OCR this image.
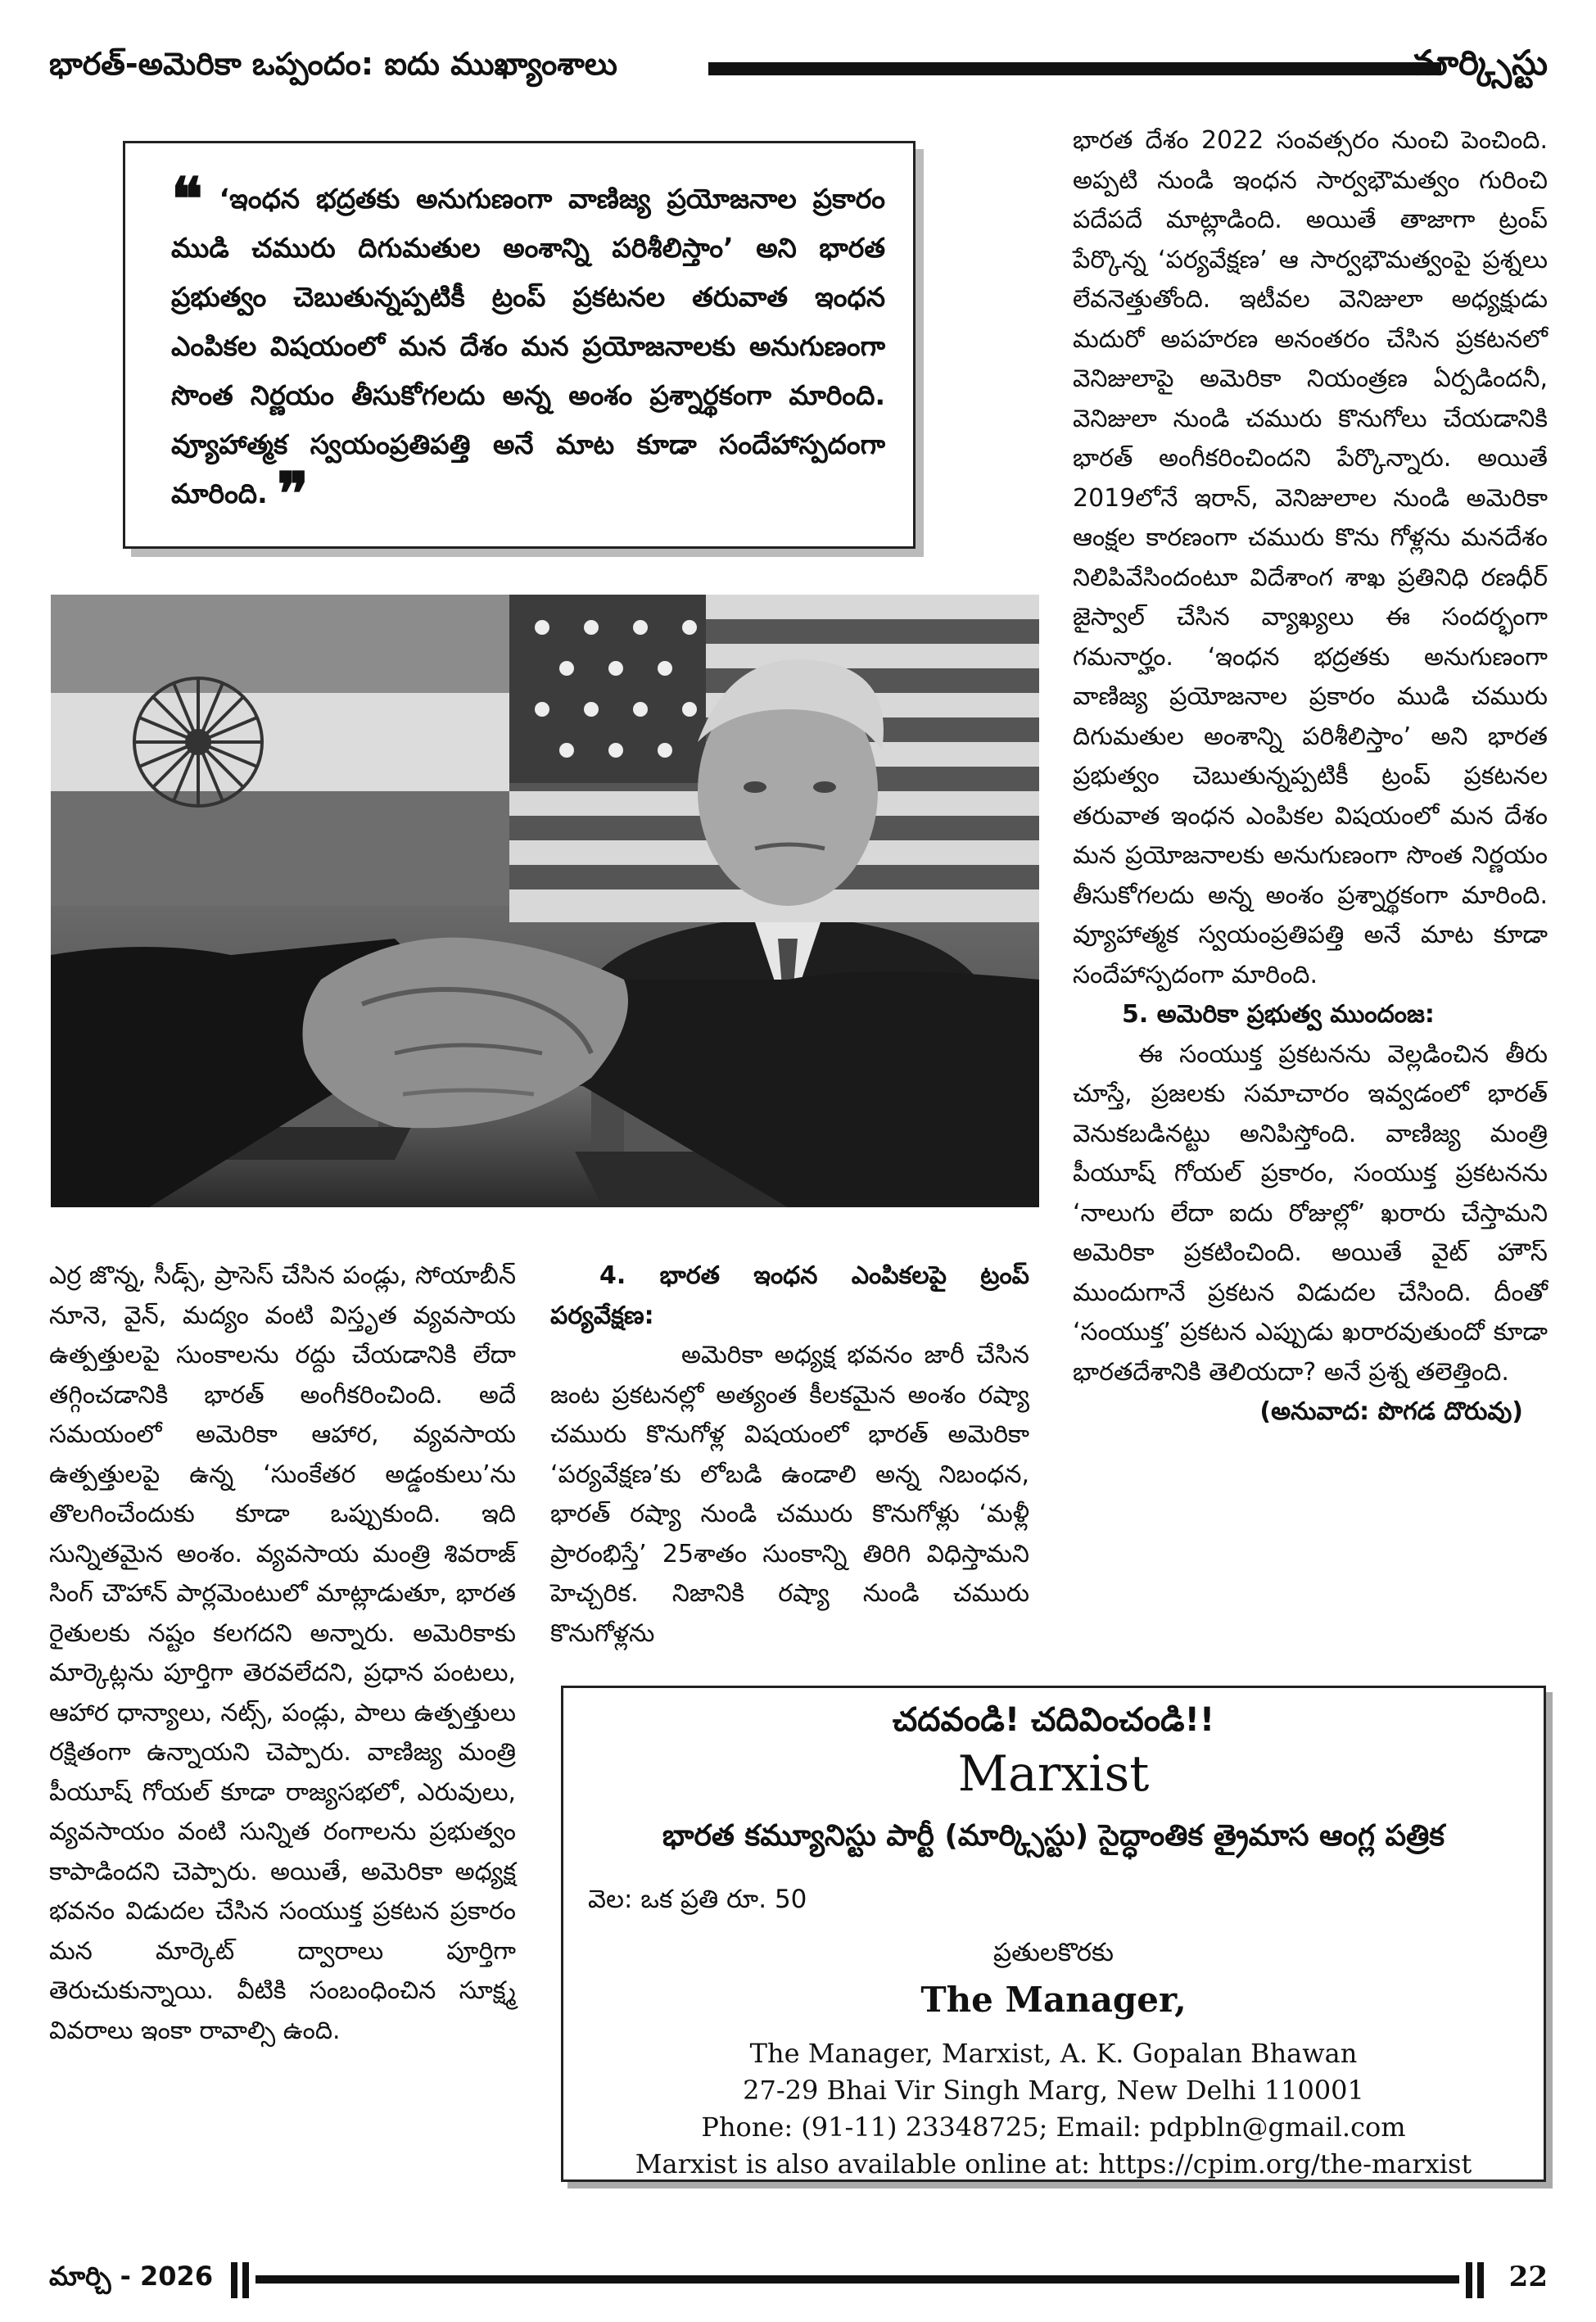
భారత్-అమెరికా ఒప్పందం: ఐదు ముఖ్యాంశాలు	మార్క్సిస్టు

❝ ‘ఇంధన భద్రతకు అనుగుణంగా వాణిజ్య ప్రయోజనాల ప్రకారం ముడి చమురు దిగుమతుల అంశాన్ని పరిశీలిస్తాం’ అని భారత ప్రభుత్వం చెబుతున్నప్పటికీ ట్రంప్ ప్రకటనల తరువాత ఇంధన ఎంపికల విషయంలో మన దేశం మన ప్రయోజనాలకు అనుగుణంగా సొంత నిర్ణయం తీసుకోగలదు అన్న అంశం ప్రశ్నార్థకంగా మారింది. వ్యూహాత్మక స్వయంప్రతిపత్తి అనే మాట కూడా సందేహాస్పదంగా మారింది. ❞

ఎర్ర జొన్న, సీడ్స్, ప్రాసెస్ చేసిన పండ్లు, సోయాబీన్ నూనె, వైన్, మద్యం వంటి విస్తృత వ్యవసాయ ఉత్పత్తులపై సుంకాలను రద్దు చేయడానికి లేదా తగ్గించడానికి భారత్ అంగీకరించింది. అదే సమయంలో అమెరికా ఆహార, వ్యవసాయ ఉత్పత్తులపై ఉన్న ‘సుంకేతర అడ్డంకులు’ను తొలగించేందుకు కూడా ఒప్పుకుంది. ఇది సున్నితమైన అంశం. వ్యవసాయ మంత్రి శివరాజ్ సింగ్ చౌహాన్ పార్లమెంటులో మాట్లాడుతూ, భారత రైతులకు నష్టం కలగదని అన్నారు. అమెరికాకు మార్కెట్లను పూర్తిగా తెరవలేదని, ప్రధాన పంటలు, ఆహార ధాన్యాలు, నట్స్, పండ్లు, పాలు ఉత్పత్తులు రక్షితంగా ఉన్నాయని చెప్పారు. వాణిజ్య మంత్రి పీయూష్ గోయల్ కూడా రాజ్యసభలో, ఎరువులు, వ్యవసాయం వంటి సున్నిత రంగాలను ప్రభుత్వం కాపాడిందని చెప్పారు. అయితే, అమెరికా అధ్యక్ష భవనం విడుదల చేసిన సంయుక్త ప్రకటన ప్రకారం మన మార్కెట్ ద్వారాలు పూర్తిగా తెరుచుకున్నాయి. వీటికి సంబంధించిన సూక్ష్మ వివరాలు ఇంకా రావాల్సి ఉంది.

4. భారత ఇంధన ఎంపికలపై ట్రంప్ పర్యవేక్షణ:

అమెరికా అధ్యక్ష భవనం జారీ చేసిన జంట ప్రకటనల్లో అత్యంత కీలకమైన అంశం రష్యా చమురు కొనుగోళ్ల విషయంలో భారత్ అమెరికా ‘పర్యవేక్షణ’కు లోబడి ఉండాలి అన్న నిబంధన, భారత్ రష్యా నుండి చమురు కొనుగోళ్లు ‘మళ్లీ ప్రారంభిస్తే’ 25శాతం సుంకాన్ని తిరిగి విధిస్తామని హెచ్చరిక. నిజానికి రష్యా నుండి చమురు కొనుగోళ్లను

భారత దేశం 2022 సంవత్సరం నుంచి పెంచింది. అప్పటి నుండి ఇంధన సార్వభౌమత్వం గురించి పదేపదే మాట్లాడింది. అయితే తాజాగా ట్రంప్ పేర్కొన్న ‘పర్యవేక్షణ’ ఆ సార్వభౌమత్వంపై ప్రశ్నలు లేవనెత్తుతోంది. ఇటీవల వెనిజులా అధ్యక్షుడు మదురో అపహరణ అనంతరం చేసిన ప్రకటనలో వెనిజులాపై అమెరికా నియంత్రణ ఏర్పడిందనీ, వెనిజులా నుండి చమురు కొనుగోలు చేయడానికి భారత్ అంగీకరించిందని పేర్కొన్నారు. అయితే 2019లోనే ఇరాన్, వెనిజులాల నుండి అమెరికా ఆంక్షల కారణంగా చమురు కొను గోళ్లను మనదేశం నిలిపివేసిందంటూ విదేశాంగ శాఖ ప్రతినిధి రణధీర్ జైస్వాల్ చేసిన వ్యాఖ్యలు ఈ సందర్భంగా గమనార్హం. ‘ఇంధన భద్రతకు అనుగుణంగా వాణిజ్య ప్రయోజనాల ప్రకారం ముడి చమురు దిగుమతుల అంశాన్ని పరిశీలిస్తాం’ అని భారత ప్రభుత్వం చెబుతున్నప్పటికీ ట్రంప్ ప్రకటనల తరువాత ఇంధన ఎంపికల విషయంలో మన దేశం మన ప్రయోజనాలకు అనుగుణంగా సొంత నిర్ణయం తీసుకోగలదు అన్న అంశం ప్రశ్నార్థకంగా మారింది. వ్యూహాత్మక స్వయంప్రతిపత్తి అనే మాట కూడా సందేహాస్పదంగా మారింది.

5. అమెరికా ప్రభుత్వ ముందంజ:

ఈ సంయుక్త ప్రకటనను వెల్లడించిన తీరు చూస్తే, ప్రజలకు సమాచారం ఇవ్వడంలో భారత్ వెనుకబడినట్టు అనిపిస్తోంది. వాణిజ్య మంత్రి పీయూష్ గోయల్ ప్రకారం, సంయుక్త ప్రకటనను ‘నాలుగు లేదా ఐదు రోజుల్లో’ ఖరారు చేస్తామని అమెరికా ప్రకటించింది. అయితే వైట్ హౌస్ ముందుగానే ప్రకటన విడుదల చేసింది. దీంతో ‘సంయుక్త’ ప్రకటన ఎప్పుడు ఖరారవుతుందో కూడా భారతదేశానికి తెలియదా? అనే ప్రశ్న తలెత్తింది.

(అనువాద: పొగడ దొరువు)

చదవండి! చదివించండి!!
Marxist
భారత కమ్యూనిస్టు పార్టీ (మార్క్సిస్టు) సైద్ధాంతిక త్రైమాస ఆంగ్ల పత్రిక
వెల: ఒక ప్రతి రూ. 50
ప్రతులకొరకు
The Manager,
The Manager, Marxist, A. K. Gopalan Bhawan
27-29 Bhai Vir Singh Marg, New Delhi 110001
Phone: (91-11) 23348725; Email: pdpbln@gmail.com
Marxist is also available online at: https://cpim.org/the-marxist
మార్చి - 2026	22
